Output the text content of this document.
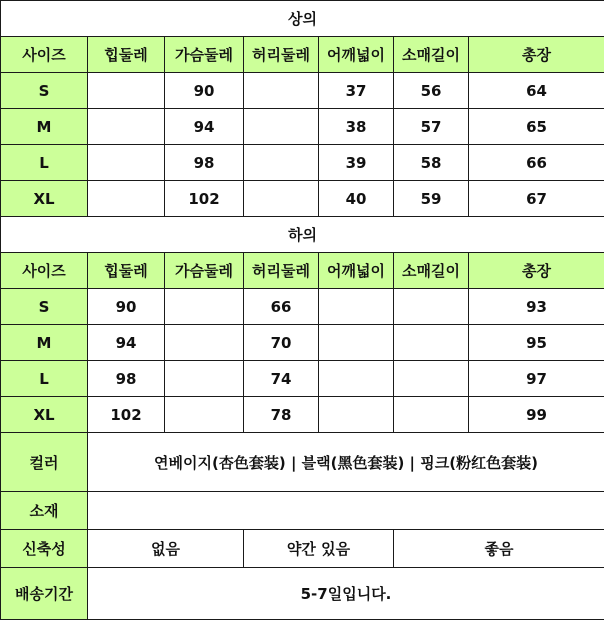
상의						
사이즈	힙둘레	가슴둘레	허리둘레	어깨넓이	소매길이	총장
S		90		37	56	64
M		94		38	57	65
L		98		39	58	66
XL		102		40	59	67
하의						
사이즈	힙둘레	가슴둘레	허리둘레	어깨넓이	소매길이	총장
S	90		66			93
M	94		70			95
L	98		74			97
XL	102		78			99
컬러	연베이지(杏色套装) | 블랙(黑色套装) | 핑크(粉红色套装)					
소재						
신축성	없음		약간 있음		좋음	
배송기간	5-7일입니다.					
